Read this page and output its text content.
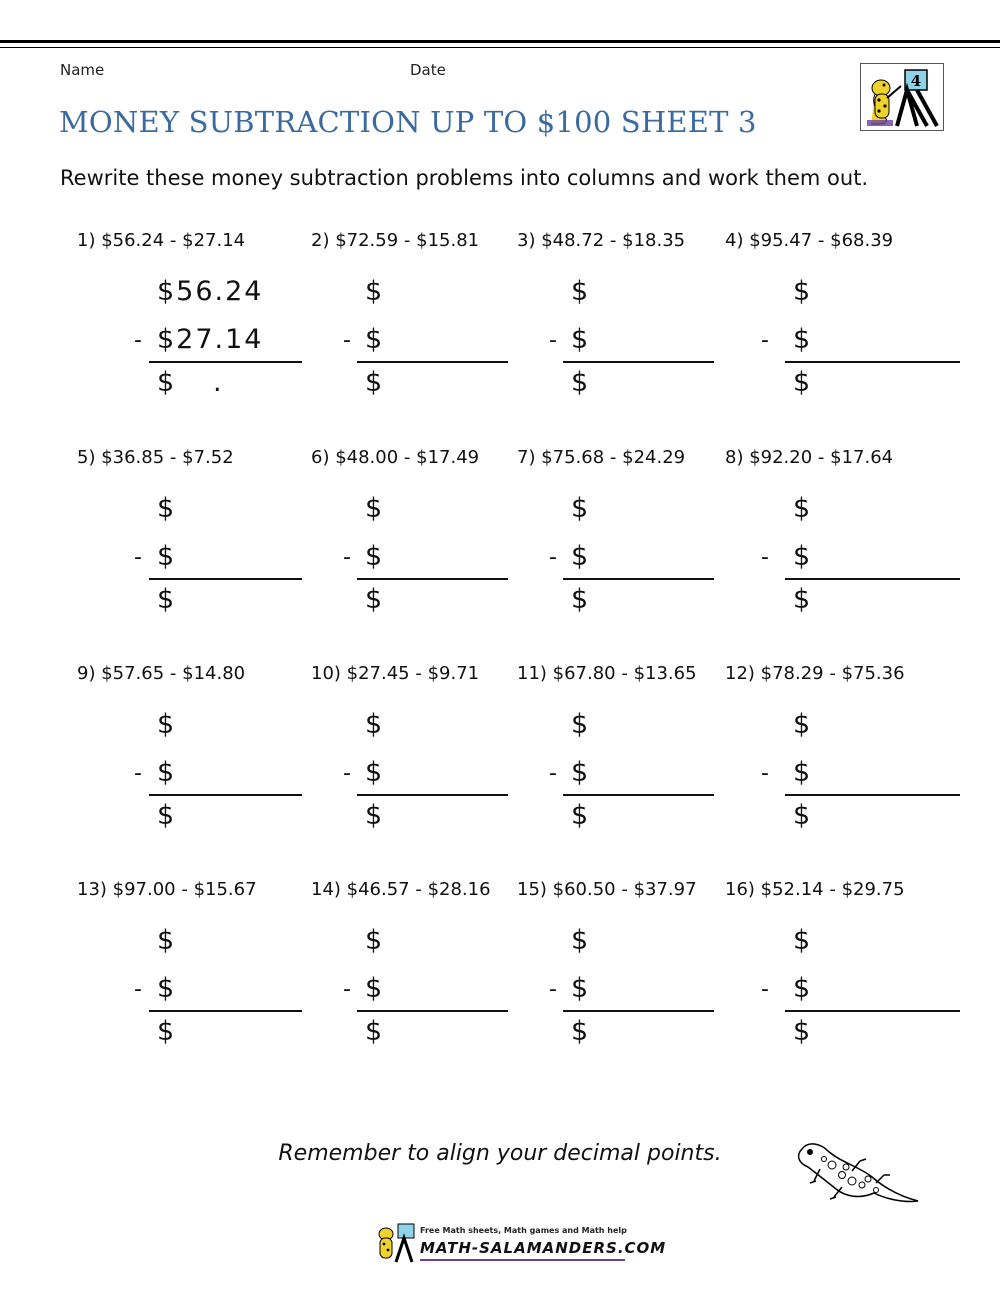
Name	Date
4
MONEY SUBTRACTION UP TO $100 SHEET 3
Rewrite these money subtraction problems into columns and work them out.
1) $56.24 - $27.14
$56.24
- $27.14
$ .
2) $72.59 - $15.81
$
- $
$
3) $48.72 - $18.35
$
- $
$
4) $95.47 - $68.39
$
- $
$
5) $36.85 - $7.52
$
- $
$
6) $48.00 - $17.49
$
- $
$
7) $75.68 - $24.29
$
- $
$
8) $92.20 - $17.64
$
- $
$
9) $57.65 - $14.80
$
- $
$
10) $27.45 - $9.71
$
- $
$
11) $67.80 - $13.65
$
- $
$
12) $78.29 - $75.36
$
- $
$
13) $97.00 - $15.67
$
- $
$
14) $46.57 - $28.16
$
- $
$
15) $60.50 - $37.97
$
- $
$
16) $52.14 - $29.75
$
- $
$
Remember to align your decimal points.
Free Math sheets, Math games and Math help
MATH-SALAMANDERS.COM
